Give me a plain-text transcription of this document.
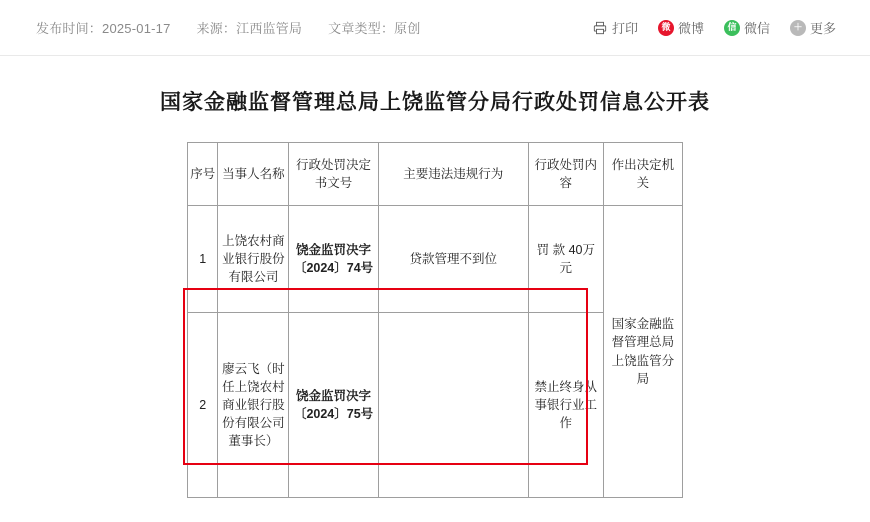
发布时间：2025-01-17 来源：江西监管局 文章类型：原创	打印	微 微博	信 微信	＋ 更多
国家金融监督管理总局上饶监管分局行政处罚信息公开表
序号	当事人名称	行政处罚决定书文号	主要违法违规行为	行政处罚内容	作出决定机关
1	上饶农村商业银行股份有限公司	饶金监罚决字〔2024〕74号	贷款管理不到位	罚 款 40万元	国家金融监督管理总局上饶监管分局
2	廖云飞（时任上饶农村商业银行股份有限公司董事长）	饶金监罚决字〔2024〕75号		禁止终身从事银行业工作	
